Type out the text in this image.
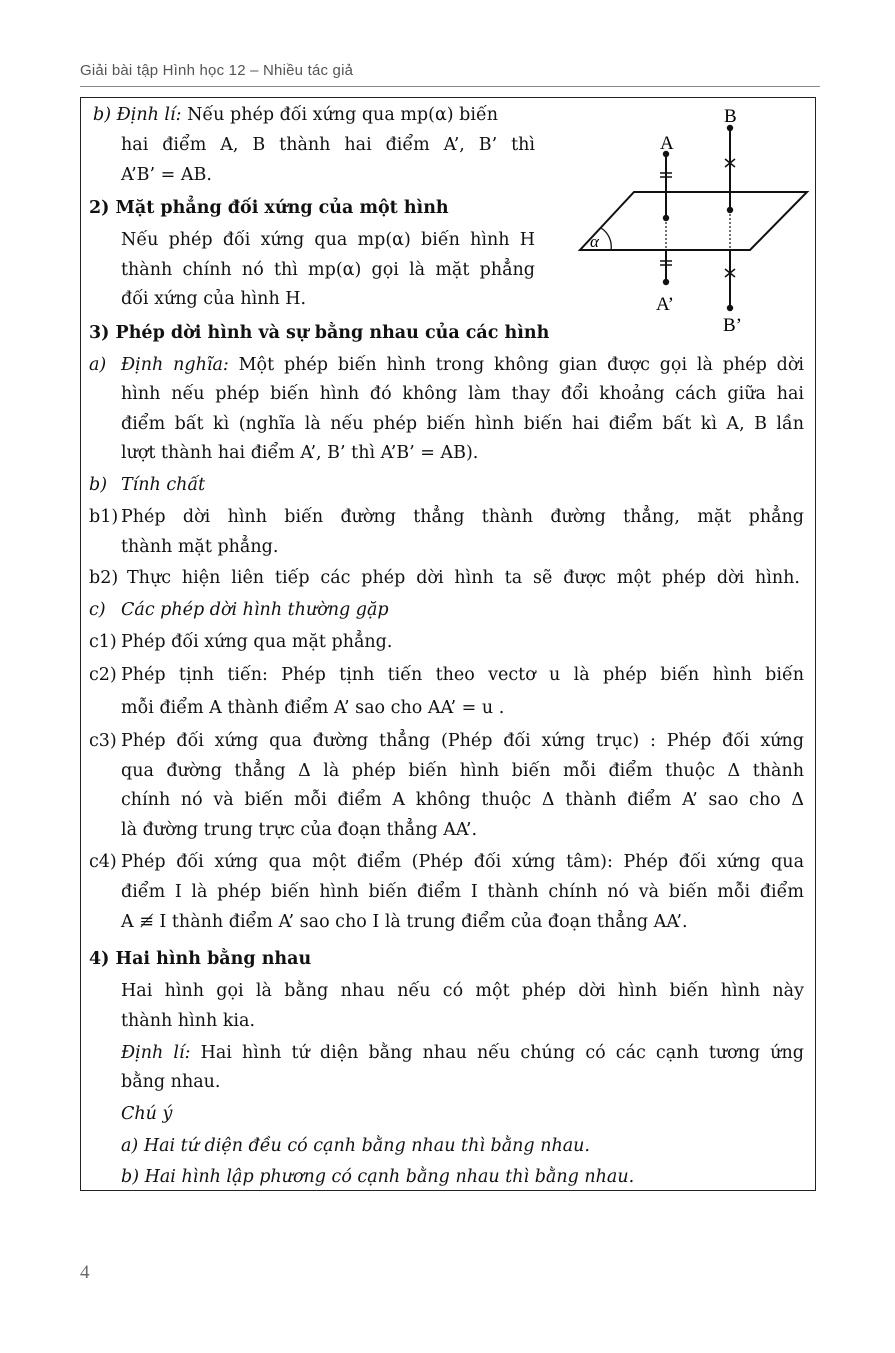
Giải bài tập Hình học 12 – Nhiều tác giả
α
A
B
A’
B’
b) Định lí: Nếu phép đối xứng qua mp(α) biến
hai điểm A, B thành hai điểm A’, B’ thì
A’B’ = AB.
2) Mặt phẳng đối xứng của một hình
Nếu phép đối xứng qua mp(α) biến hình H
thành chính nó thì mp(α) gọi là mặt phẳng
đối xứng của hình H.
3) Phép dời hình và sự bằng nhau của các hình
a) Định nghĩa: Một phép biến hình trong không gian được gọi là phép dời
hình nếu phép biến hình đó không làm thay đổi khoảng cách giữa hai
điểm bất kì (nghĩa là nếu phép biến hình biến hai điểm bất kì A, B lần
lượt thành hai điểm A’, B’ thì A’B’ = AB).
b) Tính chất
b1) Phép dời hình biến đường thẳng thành đường thẳng, mặt phẳng
thành mặt phẳng.
b2) Thực hiện liên tiếp các phép dời hình ta sẽ được một phép dời hình.
c) Các phép dời hình thường gặp
c1) Phép đối xứng qua mặt phẳng.
c2) Phép tịnh tiến: Phép tịnh tiến theo vectơ u là phép biến hình biến
mỗi điểm A thành điểm A’ sao cho AA’ = u .
c3) Phép đối xứng qua đường thẳng (Phép đối xứng trục) : Phép đối xứng
qua đường thẳng Δ là phép biến hình biến mỗi điểm thuộc Δ thành
chính nó và biến mỗi điểm A không thuộc Δ thành điểm A’ sao cho Δ
là đường trung trực của đoạn thẳng AA’.
c4) Phép đối xứng qua một điểm (Phép đối xứng tâm): Phép đối xứng qua
điểm I là phép biến hình biến điểm I thành chính nó và biến mỗi điểm
A ≢ I thành điểm A’ sao cho I là trung điểm của đoạn thẳng AA’.
4) Hai hình bằng nhau
Hai hình gọi là bằng nhau nếu có một phép dời hình biến hình này
thành hình kia.
Định lí: Hai hình tứ diện bằng nhau nếu chúng có các cạnh tương ứng
bằng nhau.
Chú ý
a) Hai tứ diện đều có cạnh bằng nhau thì bằng nhau.
b) Hai hình lập phương có cạnh bằng nhau thì bằng nhau.
4
